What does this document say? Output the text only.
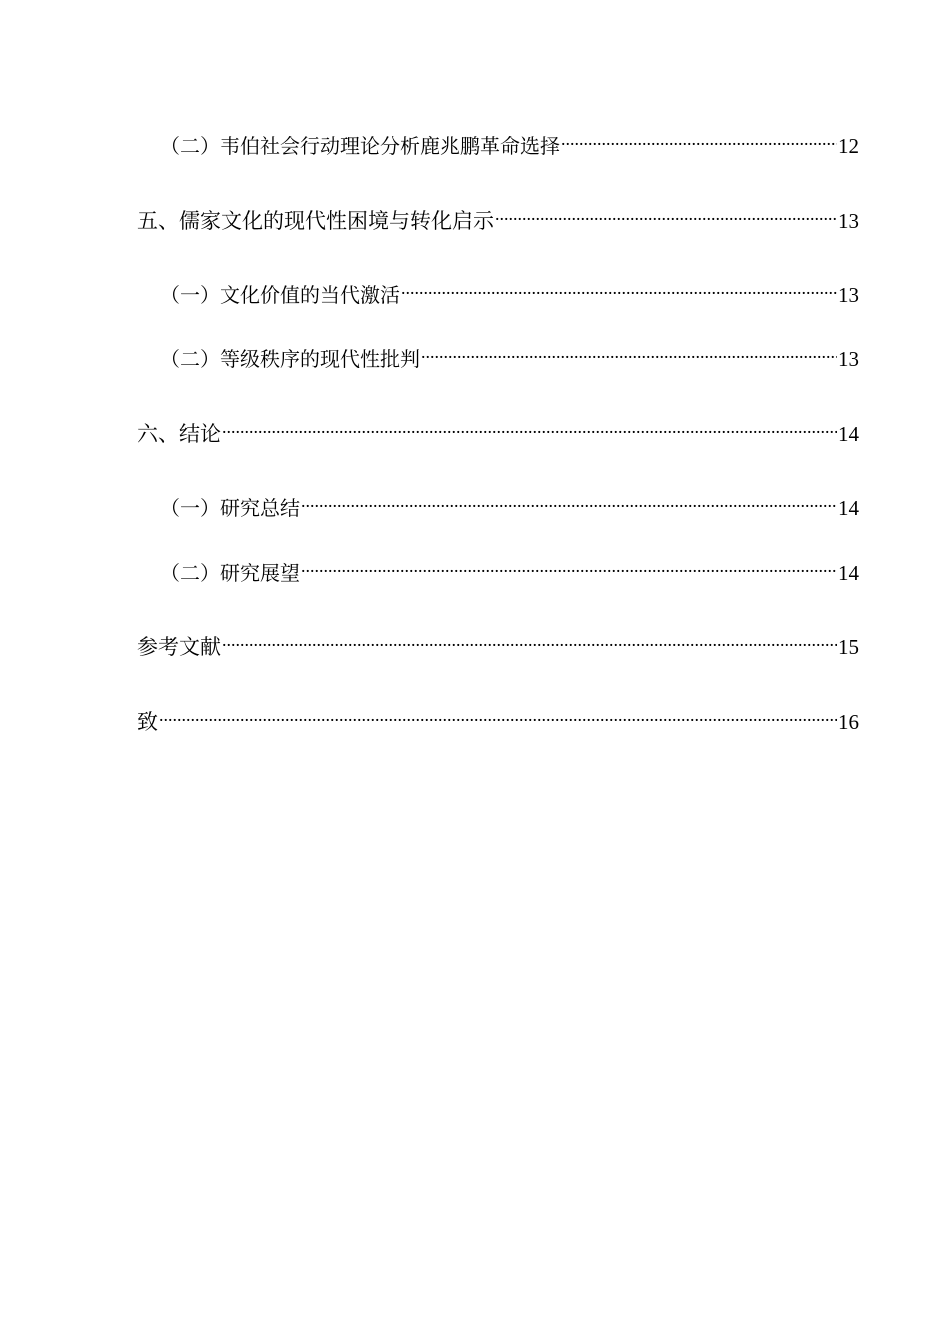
（二）韦伯社会行动理论分析鹿兆鹏革命选择 .....	12
五、儒家文化的现代性困境与转化启示 .....	13
（一）文化价值的当代激活 .....	13
（二）等级秩序的现代性批判 .....	13
六、结论 .....	14
（一）研究总结 .....	14
（二）研究展望 .....	14
参考文献 .....	15
致 .....	16
